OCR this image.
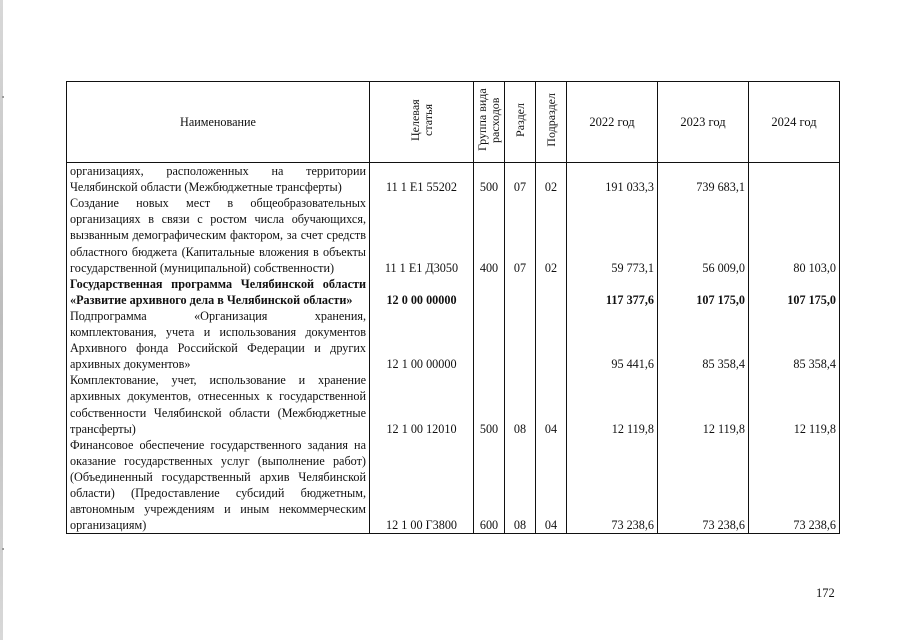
Наименование	Целевая статья	Группа вида расходов	Раздел	Подраздел	2022 год	2023 год	2024 год
организациях, расположенных на территории Челябинской области (Межбюджетные трансферты)	11 1 E1 55202	500	07	02	191 033,3	739 683,1	
Создание новых мест в общеобразовательных организациях в связи с ростом числа обучающихся, вызванным демографическим фактором, за счет средств областного бюджета (Капитальные вложения в объекты государственной (муниципальной) собственности)	11 1 E1 Д3050	400	07	02	59 773,1	56 009,0	80 103,0
Государственная программа Челябинской области «Развитие архивного дела в Челябинской области»	12 0 00 00000				117 377,6	107 175,0	107 175,0
Подпрограмма «Организация хранения, комплектования, учета и использования документов Архивного фонда Российской Федерации и других архивных документов»	12 1 00 00000				95 441,6	85 358,4	85 358,4
Комплектование, учет, использование и хранение архивных документов, отнесенных к государственной собственности Челябинской области (Межбюджетные трансферты)	12 1 00 12010	500	08	04	12 119,8	12 119,8	12 119,8
Финансовое обеспечение государственного задания на оказание государственных услуг (выполнение работ) (Объединенный государственный архив Челябинской области) (Предоставление субсидий бюджетным, автономным учреждениям и иным некоммерческим организациям)	12 1 00 Г3800	600	08	04	73 238,6	73 238,6	73 238,6
172
